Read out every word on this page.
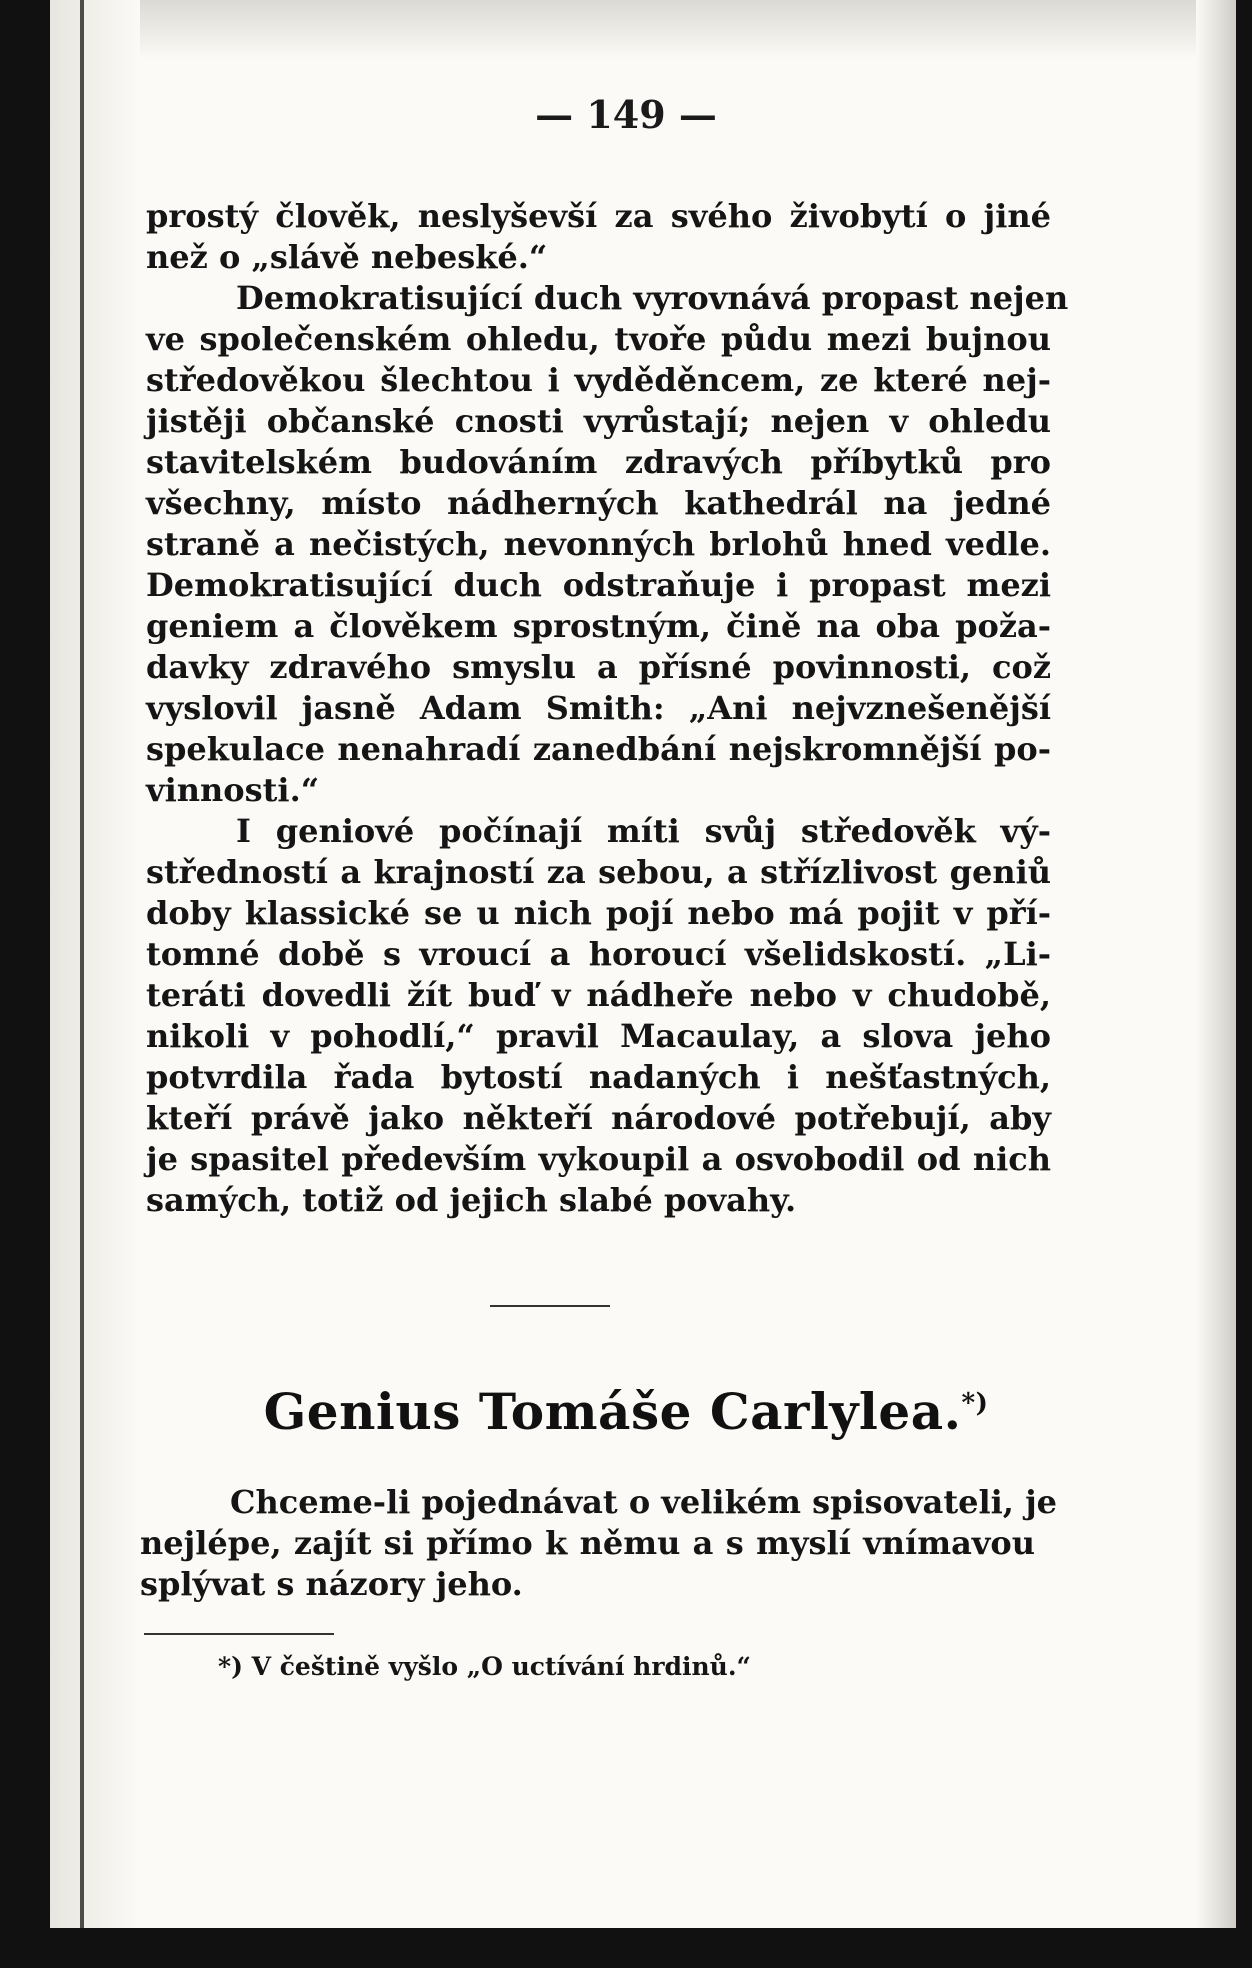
— 149 —
prostý člověk, neslyševší za svého živobytí o jiné
než o „slávě nebeské.“
Demokratisující duch vyrovnává propast nejen
ve společenském ohledu, tvoře půdu mezi bujnou
středověkou šlechtou i vyděděncem, ze které nej-
jistěji občanské cnosti vyrůstají; nejen v ohledu
stavitelském budováním zdravých příbytků pro
všechny, místo nádherných kathedrál na jedné
straně a nečistých, nevonných brlohů hned vedle.
Demokratisující duch odstraňuje i propast mezi
geniem a člověkem sprostným, čině na oba poža-
davky zdravého smyslu a přísné povinnosti, což
vyslovil jasně Adam Smith: „Ani nejvznešenější
spekulace nenahradí zanedbání nejskromnější po-
vinnosti.“
I geniové počínají míti svůj středověk vý-
středností a krajností za sebou, a střízlivost geniů
doby klassické se u nich pojí nebo má pojit v pří-
tomné době s vroucí a horoucí všelidskostí. „Li-
teráti dovedli žít buď v nádheře nebo v chudobě,
nikoli v pohodlí,“ pravil Macaulay, a slova jeho
potvrdila řada bytostí nadaných i nešťastných,
kteří právě jako někteří národové potřebují, aby
je spasitel především vykoupil a osvobodil od nich
samých, totiž od jejich slabé povahy.
Genius Tomáše Carlylea.*)
Chceme-li pojednávat o velikém spisovateli, je
nejlépe, zajít si přímo k němu a s myslí vnímavou
splývat s názory jeho.
*) V češtině vyšlo „O uctívání hrdinů.“
